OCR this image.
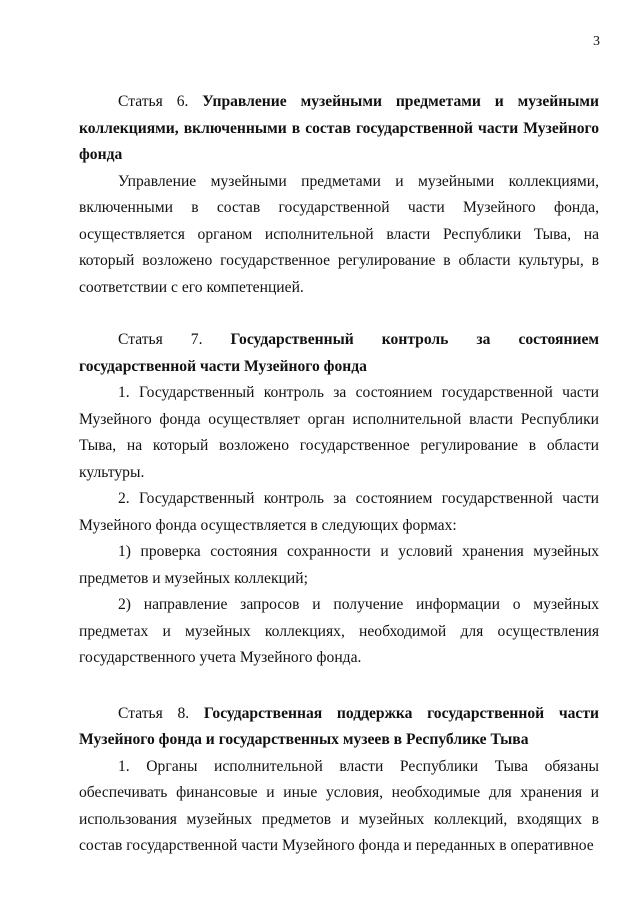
3

Статья 6. Управление музейными предметами и музейными коллекциями, включенными в состав государственной части Музейного фонда

Управление музейными предметами и музейными коллекциями, включенными в состав государственной части Музейного фонда, осуществляется органом исполнительной власти Республики Тыва, на который возложено государственное регулирование в области культуры, в соответствии с его компетенцией.

Статья 7. Государственный контроль за состоянием государственной части Музейного фонда

1. Государственный контроль за состоянием государственной части Музейного фонда осуществляет орган исполнительной власти Республики Тыва, на который возложено государственное регулирование в области культуры.

2. Государственный контроль за состоянием государственной части Музейного фонда осуществляется в следующих формах:

1) проверка состояния сохранности и условий хранения музейных предметов и музейных коллекций;

2) направление запросов и получение информации о музейных предметах и музейных коллекциях, необходимой для осуществления государственного учета Музейного фонда.

Статья 8. Государственная поддержка государственной части Музейного фонда и государственных музеев в Республике Тыва

1. Органы исполнительной власти Республики Тыва обязаны обеспечивать финансовые и иные условия, необходимые для хранения и использования музейных предметов и музейных коллекций, входящих в состав государственной части Музейного фонда и переданных в оперативное
